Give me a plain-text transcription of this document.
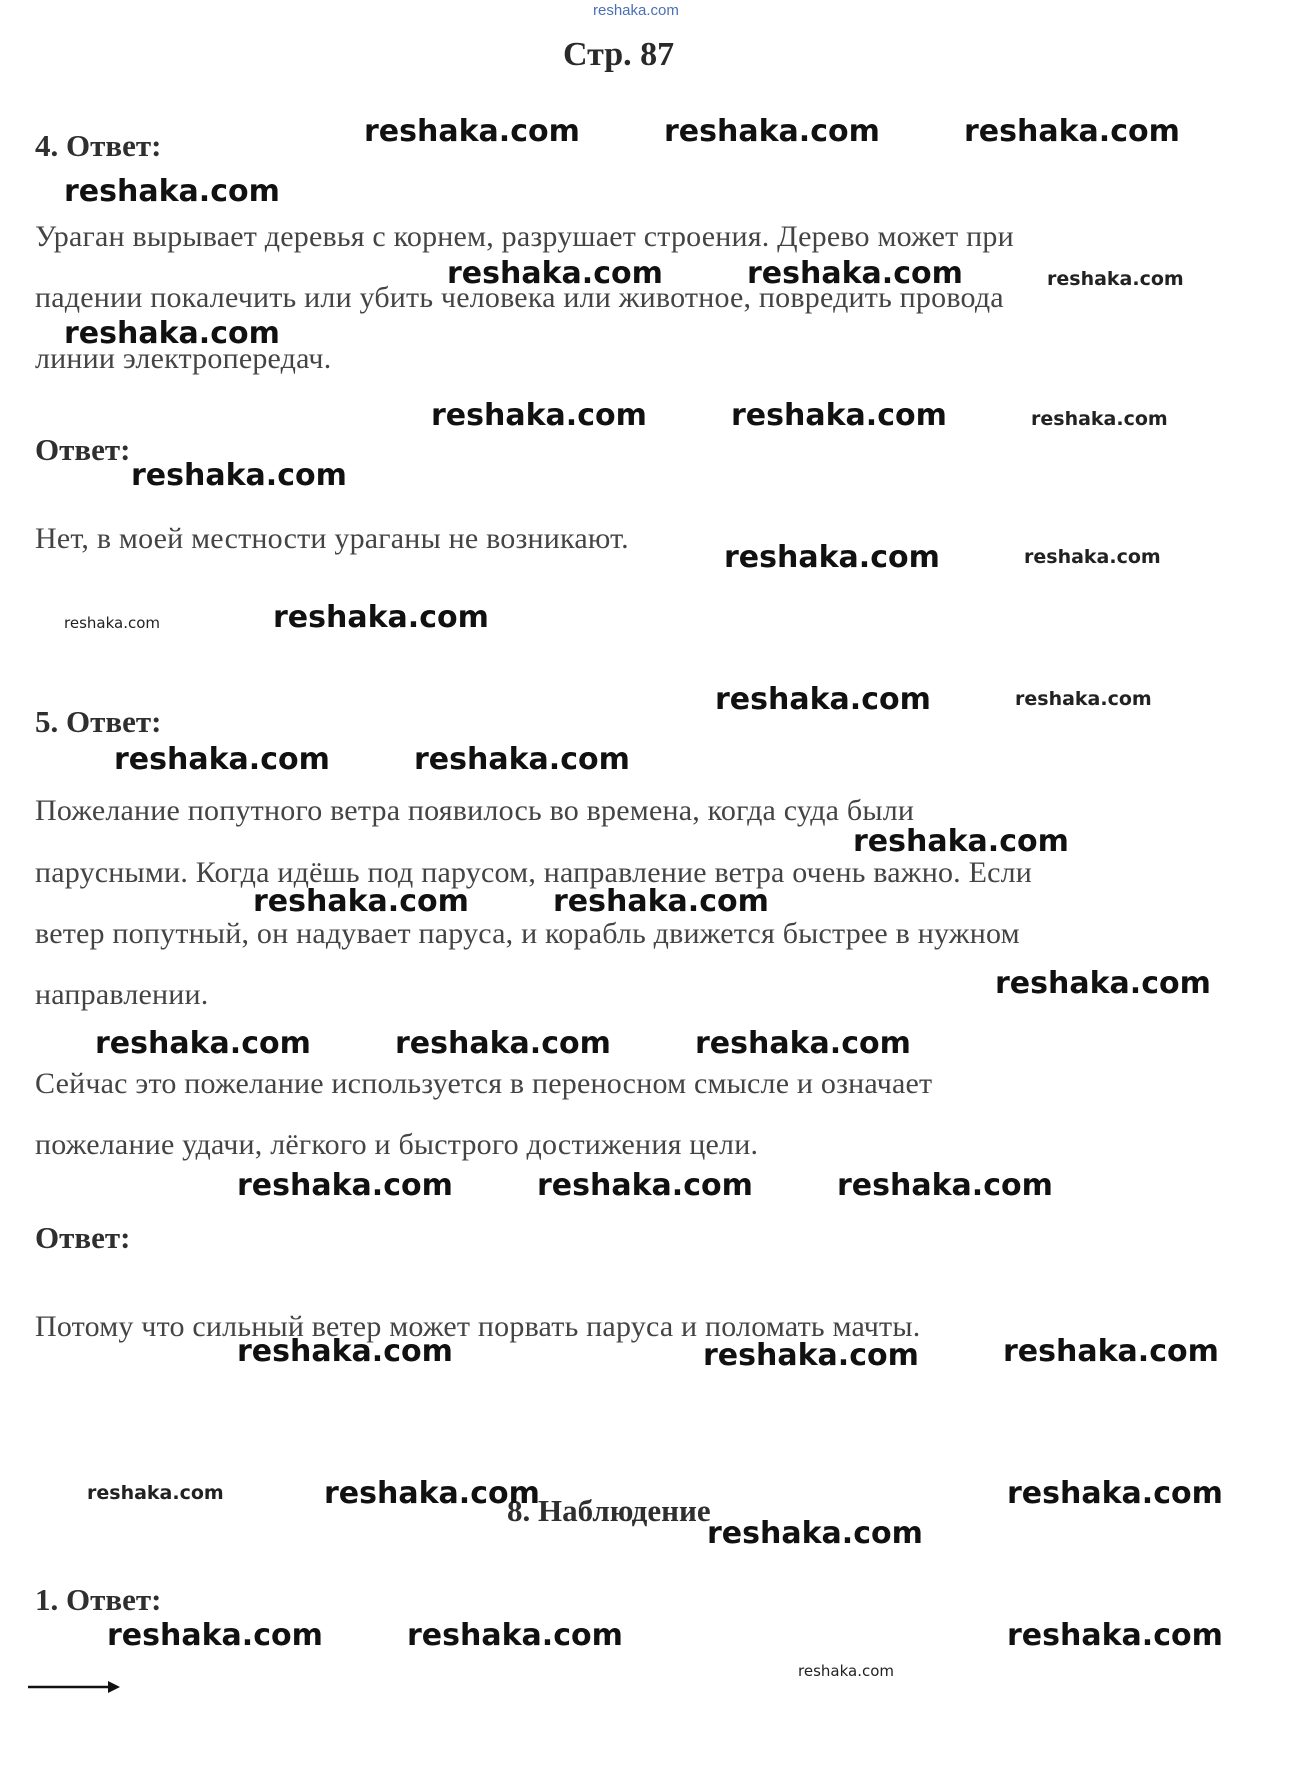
reshaka.com
Стр. 87
4. Ответ:
Ураган вырывает деревья с корнем, разрушает строения. Дерево может при
падении покалечить или убить человека или животное, повредить провода
линии электропередач.
Ответ:
Нет, в моей местности ураганы не возникают.
5. Ответ:
Пожелание попутного ветра появилось во времена, когда суда были
парусными. Когда идёшь под парусом, направление ветра очень важно. Если
ветер попутный, он надувает паруса, и корабль движется быстрее в нужном
направлении.
Сейчас это пожелание используется в переносном смысле и означает
пожелание удачи, лёгкого и быстрого достижения цели.
Ответ:
Потому что сильный ветер может порвать паруса и поломать мачты.
8. Наблюдение
1. Ответ:
reshaka.com	reshaka.com	reshaka.com
reshaka.com
reshaka.com	reshaka.com
reshaka.com
reshaka.com	reshaka.com
reshaka.com
reshaka.com
reshaka.com
reshaka.com
reshaka.com	reshaka.com
reshaka.com
reshaka.com	reshaka.com
reshaka.com
reshaka.com	reshaka.com	reshaka.com
reshaka.com	reshaka.com	reshaka.com
reshaka.com	reshaka.com	reshaka.com
reshaka.com	reshaka.com
reshaka.com
reshaka.com	reshaka.com	reshaka.com
reshaka.com
reshaka.com
reshaka.com
reshaka.com
reshaka.com
reshaka.com
reshaka.com
